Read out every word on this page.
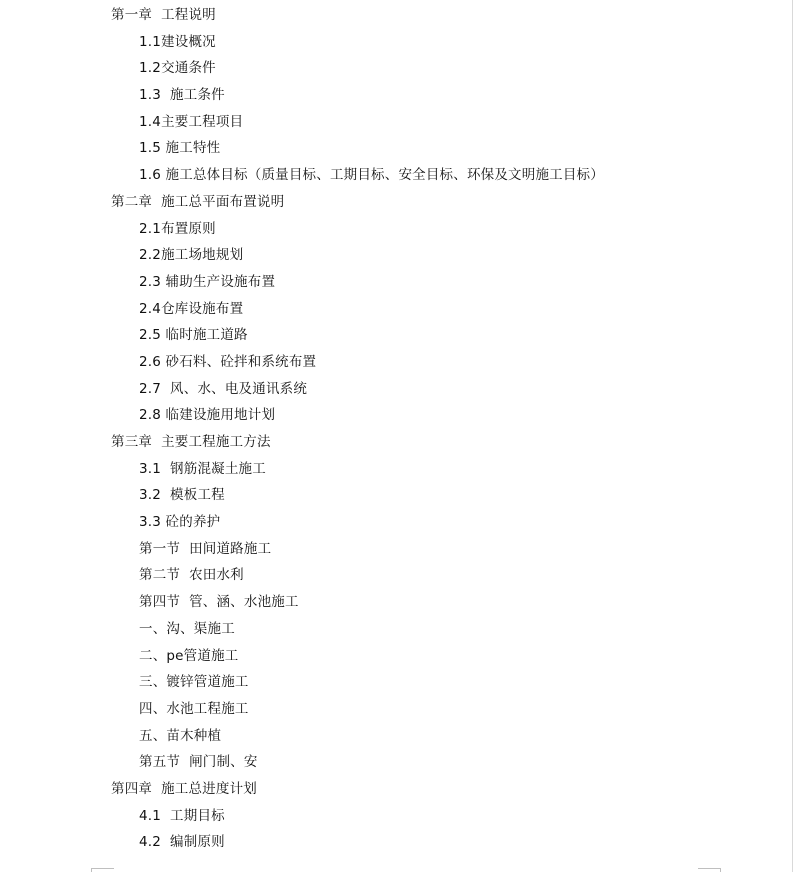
第一章  工程说明
1.1建设概况
1.2交通条件
1.3  施工条件
1.4主要工程项目
1.5 施工特性
1.6 施工总体目标（质量目标、工期目标、安全目标、环保及文明施工目标）
第二章  施工总平面布置说明
2.1布置原则
2.2施工场地规划
2.3 辅助生产设施布置
2.4仓库设施布置
2.5 临时施工道路
2.6 砂石料、砼拌和系统布置
2.7  风、水、电及通讯系统
2.8 临建设施用地计划
第三章  主要工程施工方法
3.1  钢筋混凝土施工
3.2  模板工程
3.3 砼的养护
第一节  田间道路施工
第二节  农田水利
第四节  管、涵、水池施工
一、沟、渠施工
二、pe管道施工
三、镀锌管道施工
四、水池工程施工
五、苗木种植
第五节  闸门制、安
第四章  施工总进度计划
4.1  工期目标
4.2  编制原则
